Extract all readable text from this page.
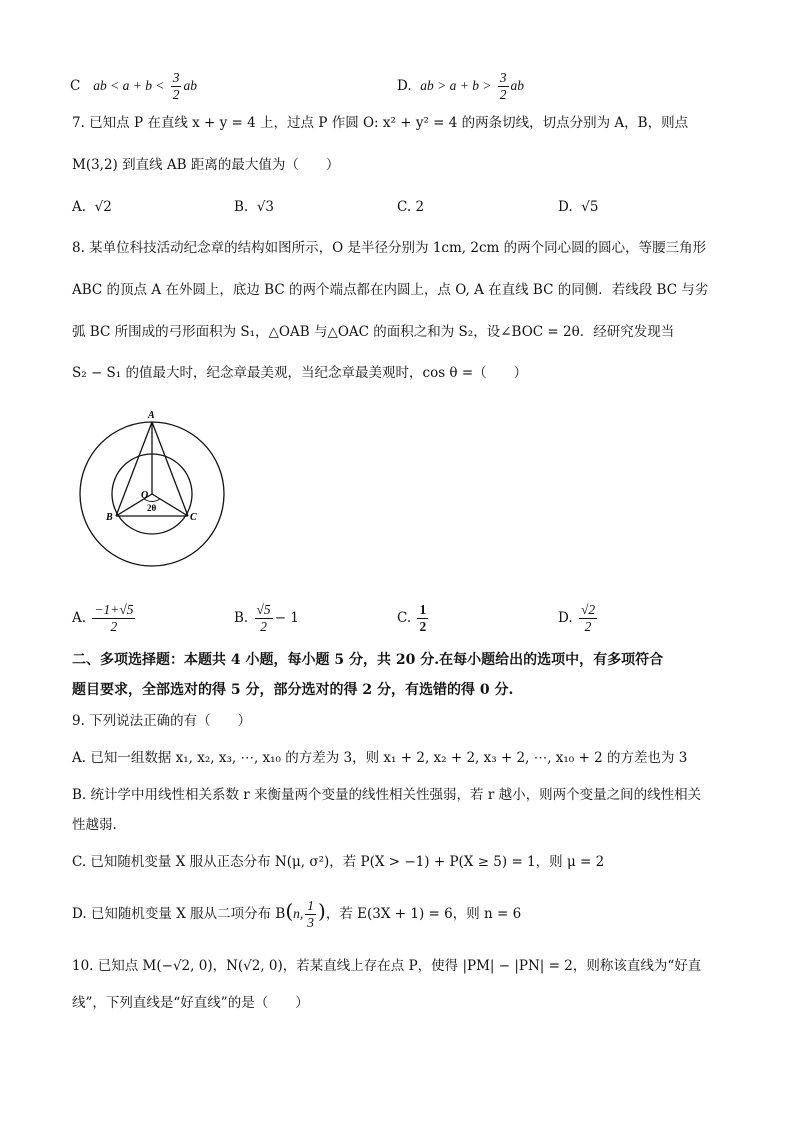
C ab < $a + b < \frac{3}{2}$ ab	D. ab > $a + b > \frac{3}{2}$ ab
7. 已知点 P 在直线 x + y = 4 上，过点 P 作圆 O: x² + y² = 4 的两条切线，切点分别为 A，B，则点
M(3,2) 到直线 AB 距离的最大值为（　　）
A. √2	B. √3	C. 2	D. √5
8. 某单位科技活动纪念章的结构如图所示，O 是半径分别为 1cm, 2cm 的两个同心圆的圆心，等腰三角形
ABC 的顶点 A 在外圆上，底边 BC 的两个端点都在内圆上，点 O, A 在直线 BC 的同侧．若线段 BC 与劣
弧 BC 所围成的弓形面积为 S₁，△OAB 与△OAC 的面积之和为 S₂，设∠BOC = 2θ．经研究发现当
S₂ − S₁ 的值最大时，纪念章最美观，当纪念章最美观时，cos θ =（　　）
A
O
2θ
B	C
A. $\frac{-1+√5}{2}$	B. $\frac{√5}{2} - 1$	C. $\frac{1}{2}$	D. $\frac{√2}{2}$
二、多项选择题：本题共 4 小题，每小题 5 分，共 20 分.在每小题给出的选项中，有多项符合
题目要求，全部选对的得 5 分，部分选对的得 2 分，有选错的得 0 分.
9. 下列说法正确的有（　　）
A. 已知一组数据 x₁, x₂, x₃, ⋯, x₁₀ 的方差为 3，则 x₁ + 2, x₂ + 2, x₃ + 2, ⋯, x₁₀ + 2 的方差也为 3
B. 统计学中用线性相关系数 r 来衡量两个变量的线性相关性强弱，若 r 越小，则两个变量之间的线性相关
性越弱.
C. 已知随机变量 X 服从正态分布 N(μ, σ²)，若 P(X > −1) + P(X ≥ 5) = 1，则 μ = 2
D. 已知随机变量 X 服从二项分布 B(n, $\frac{1}{3}$ )，若 E(3X + 1) = 6，则 n = 6
10. 已知点 M(−√2, 0)，N(√2, 0)，若某直线上存在点 P，使得 |PM| − |PN| = 2，则称该直线为“好直
线”，下列直线是“好直线”的是（　　）
